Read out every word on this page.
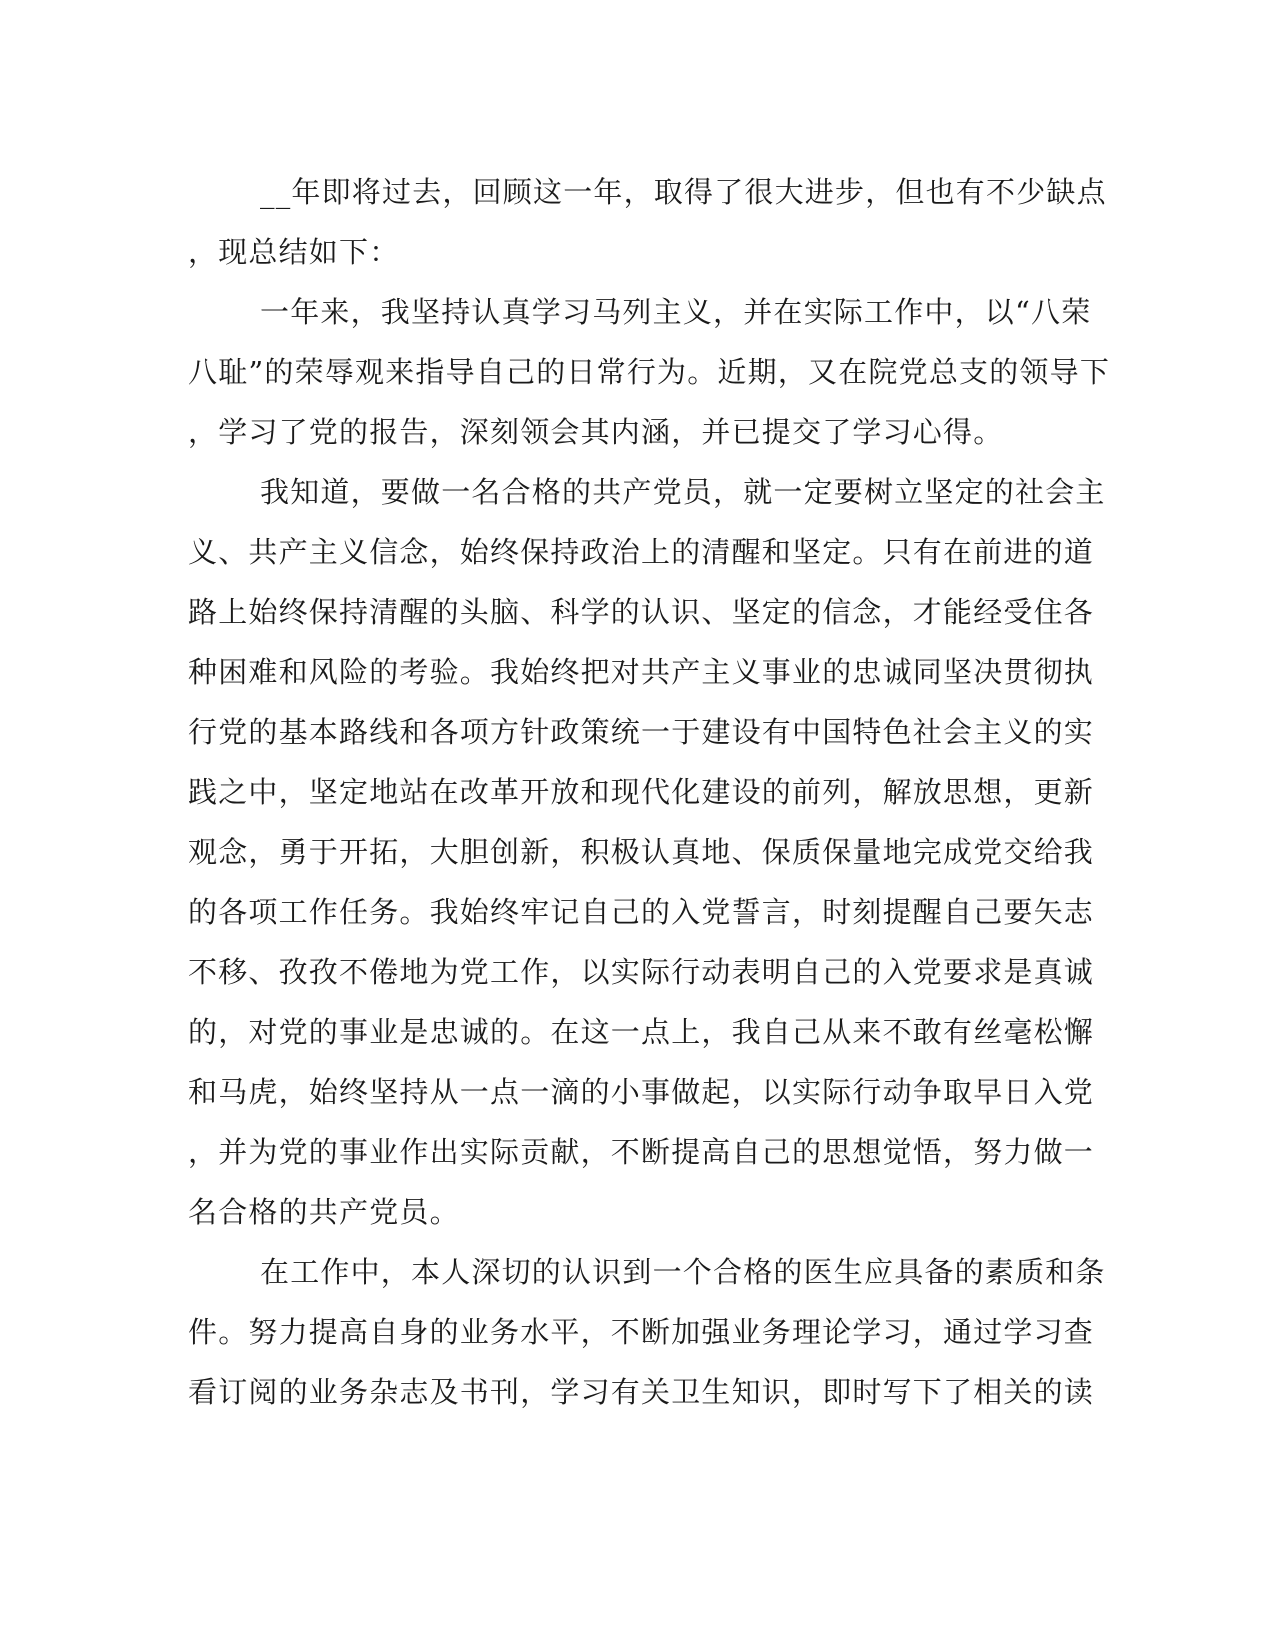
__年即将过去，回顾这一年，取得了很大进步，但也有不少缺点
，现总结如下：
一年来，我坚持认真学习马列主义，并在实际工作中，以“八荣
八耻”的荣辱观来指导自己的日常行为。近期，又在院党总支的领导下
，学习了党的报告，深刻领会其内涵，并已提交了学习心得。
我知道，要做一名合格的共产党员，就一定要树立坚定的社会主
义、共产主义信念，始终保持政治上的清醒和坚定。只有在前进的道
路上始终保持清醒的头脑、科学的认识、坚定的信念，才能经受住各
种困难和风险的考验。我始终把对共产主义事业的忠诚同坚决贯彻执
行党的基本路线和各项方针政策统一于建设有中国特色社会主义的实
践之中，坚定地站在改革开放和现代化建设的前列，解放思想，更新
观念，勇于开拓，大胆创新，积极认真地、保质保量地完成党交给我
的各项工作任务。我始终牢记自己的入党誓言，时刻提醒自己要矢志
不移、孜孜不倦地为党工作，以实际行动表明自己的入党要求是真诚
的，对党的事业是忠诚的。在这一点上，我自己从来不敢有丝毫松懈
和马虎，始终坚持从一点一滴的小事做起，以实际行动争取早日入党
，并为党的事业作出实际贡献，不断提高自己的思想觉悟，努力做一
名合格的共产党员。
在工作中，本人深切的认识到一个合格的医生应具备的素质和条
件。努力提高自身的业务水平，不断加强业务理论学习，通过学习查
看订阅的业务杂志及书刊，学习有关卫生知识，即时写下了相关的读
